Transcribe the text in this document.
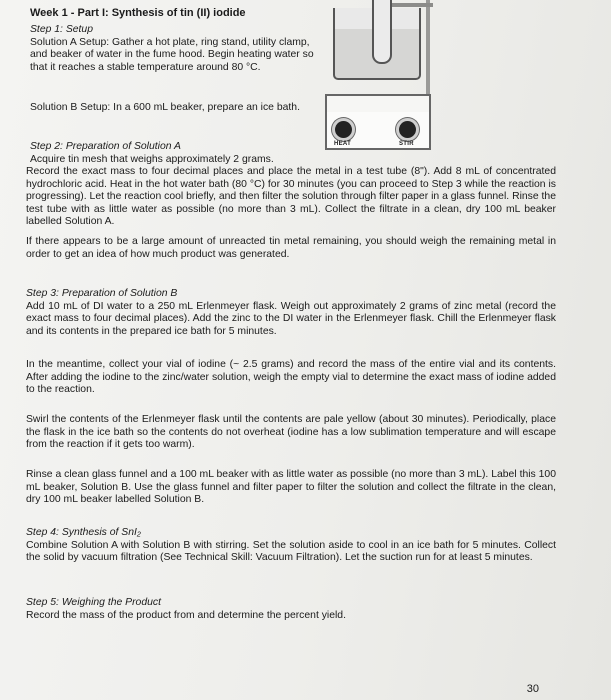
Week 1 - Part I: Synthesis of tin (II) iodide
HEAT	STIR

Step 1: Setup

Solution A Setup: Gather a hot plate, ring stand, utility clamp, and beaker of water in the fume hood. Begin heating water so that it reaches a stable temperature around 80 °C.

Solution B Setup: In a 600 mL beaker, prepare an ice bath.

Step 2: Preparation of Solution A

Acquire tin mesh that weighs approximately 2 grams.

Record the exact mass to four decimal places and place the metal in a test tube (8"). Add 8 mL of concentrated hydrochloric acid. Heat in the hot water bath (80 °C) for 30 minutes (you can proceed to Step 3 while the reaction is progressing). Let the reaction cool briefly, and then filter the solution through filter paper in a glass funnel. Rinse the test tube with as little water as possible (no more than 3 mL). Collect the filtrate in a clean, dry 100 mL beaker labelled Solution A.
If there appears to be a large amount of unreacted tin metal remaining, you should weigh the remaining metal in order to get an idea of how much product was generated.

Step 3: Preparation of Solution B

Add 10 mL of DI water to a 250 mL Erlenmeyer flask. Weigh out approximately 2 grams of zinc metal (record the exact mass to four decimal places). Add the zinc to the DI water in the Erlenmeyer flask. Chill the Erlenmeyer flask and its contents in the prepared ice bath for 5 minutes.

In the meantime, collect your vial of iodine (~ 2.5 grams) and record the mass of the entire vial and its contents. After adding the iodine to the zinc/water solution, weigh the empty vial to determine the exact mass of iodine added to the reaction.
Swirl the contents of the Erlenmeyer flask until the contents are pale yellow (about 30 minutes). Periodically, place the flask in the ice bath so the contents do not overheat (iodine has a low sublimation temperature and will escape from the reaction if it gets too warm).
Rinse a clean glass funnel and a 100 mL beaker with as little water as possible (no more than 3 mL). Label this 100 mL beaker, Solution B. Use the glass funnel and filter paper to filter the solution and collect the filtrate in the clean, dry 100 mL beaker labelled Solution B.

Step 4: Synthesis of SnI₂

Combine Solution A with Solution B with stirring. Set the solution aside to cool in an ice bath for 5 minutes. Collect the solid by vacuum filtration (See Technical Skill: Vacuum Filtration). Let the suction run for at least 5 minutes.

Step 5: Weighing the Product

Record the mass of the product from and determine the percent yield.

30
